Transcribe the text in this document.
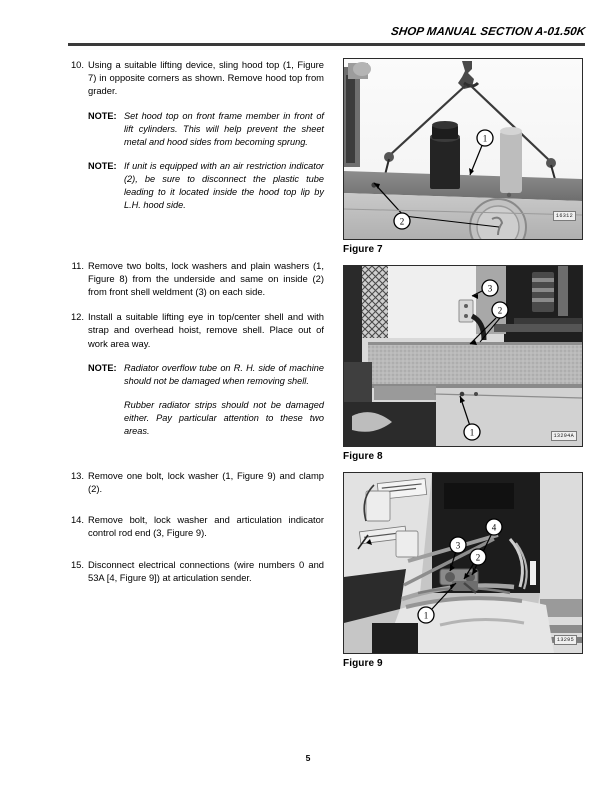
SHOP MANUAL SECTION A-01.50K
10. Using a suitable lifting device, sling hood top (1, Figure 7) in opposite corners as shown. Remove hood top from grader.
NOTE: Set hood top on front frame member in front of lift cylinders. This will help prevent the sheet metal and hood sides from becoming sprung.
NOTE: If unit is equipped with an air restriction indicator (2), be sure to disconnect the plastic tube leading to it located inside the hood top lip by L.H. hood side.
11. Remove two bolts, lock washers and plain washers (1, Figure 8) from the underside and same on inside (2) from front shell weldment (3) on each side.
12. Install a suitable lifting eye in top/center shell and with strap and overhead hoist, remove shell. Place out of work area way.
NOTE: Radiator overflow tube on R. H. side of machine should not be damaged when removing shell.
Rubber radiator strips should not be damaged either. Pay particular attention to these two areas.
13. Remove one bolt, lock washer (1, Figure 9) and clamp (2).
14. Remove bolt, lock washer and articulation indicator control rod end (3, Figure 9).
15. Disconnect electrical connections (wire numbers 0 and 53A [4, Figure 9]) at articulation sender.
1
2
16312
Figure 7
3
2
1	13294A
Figure 8
4
3
2
1
13295
Figure 9
5
